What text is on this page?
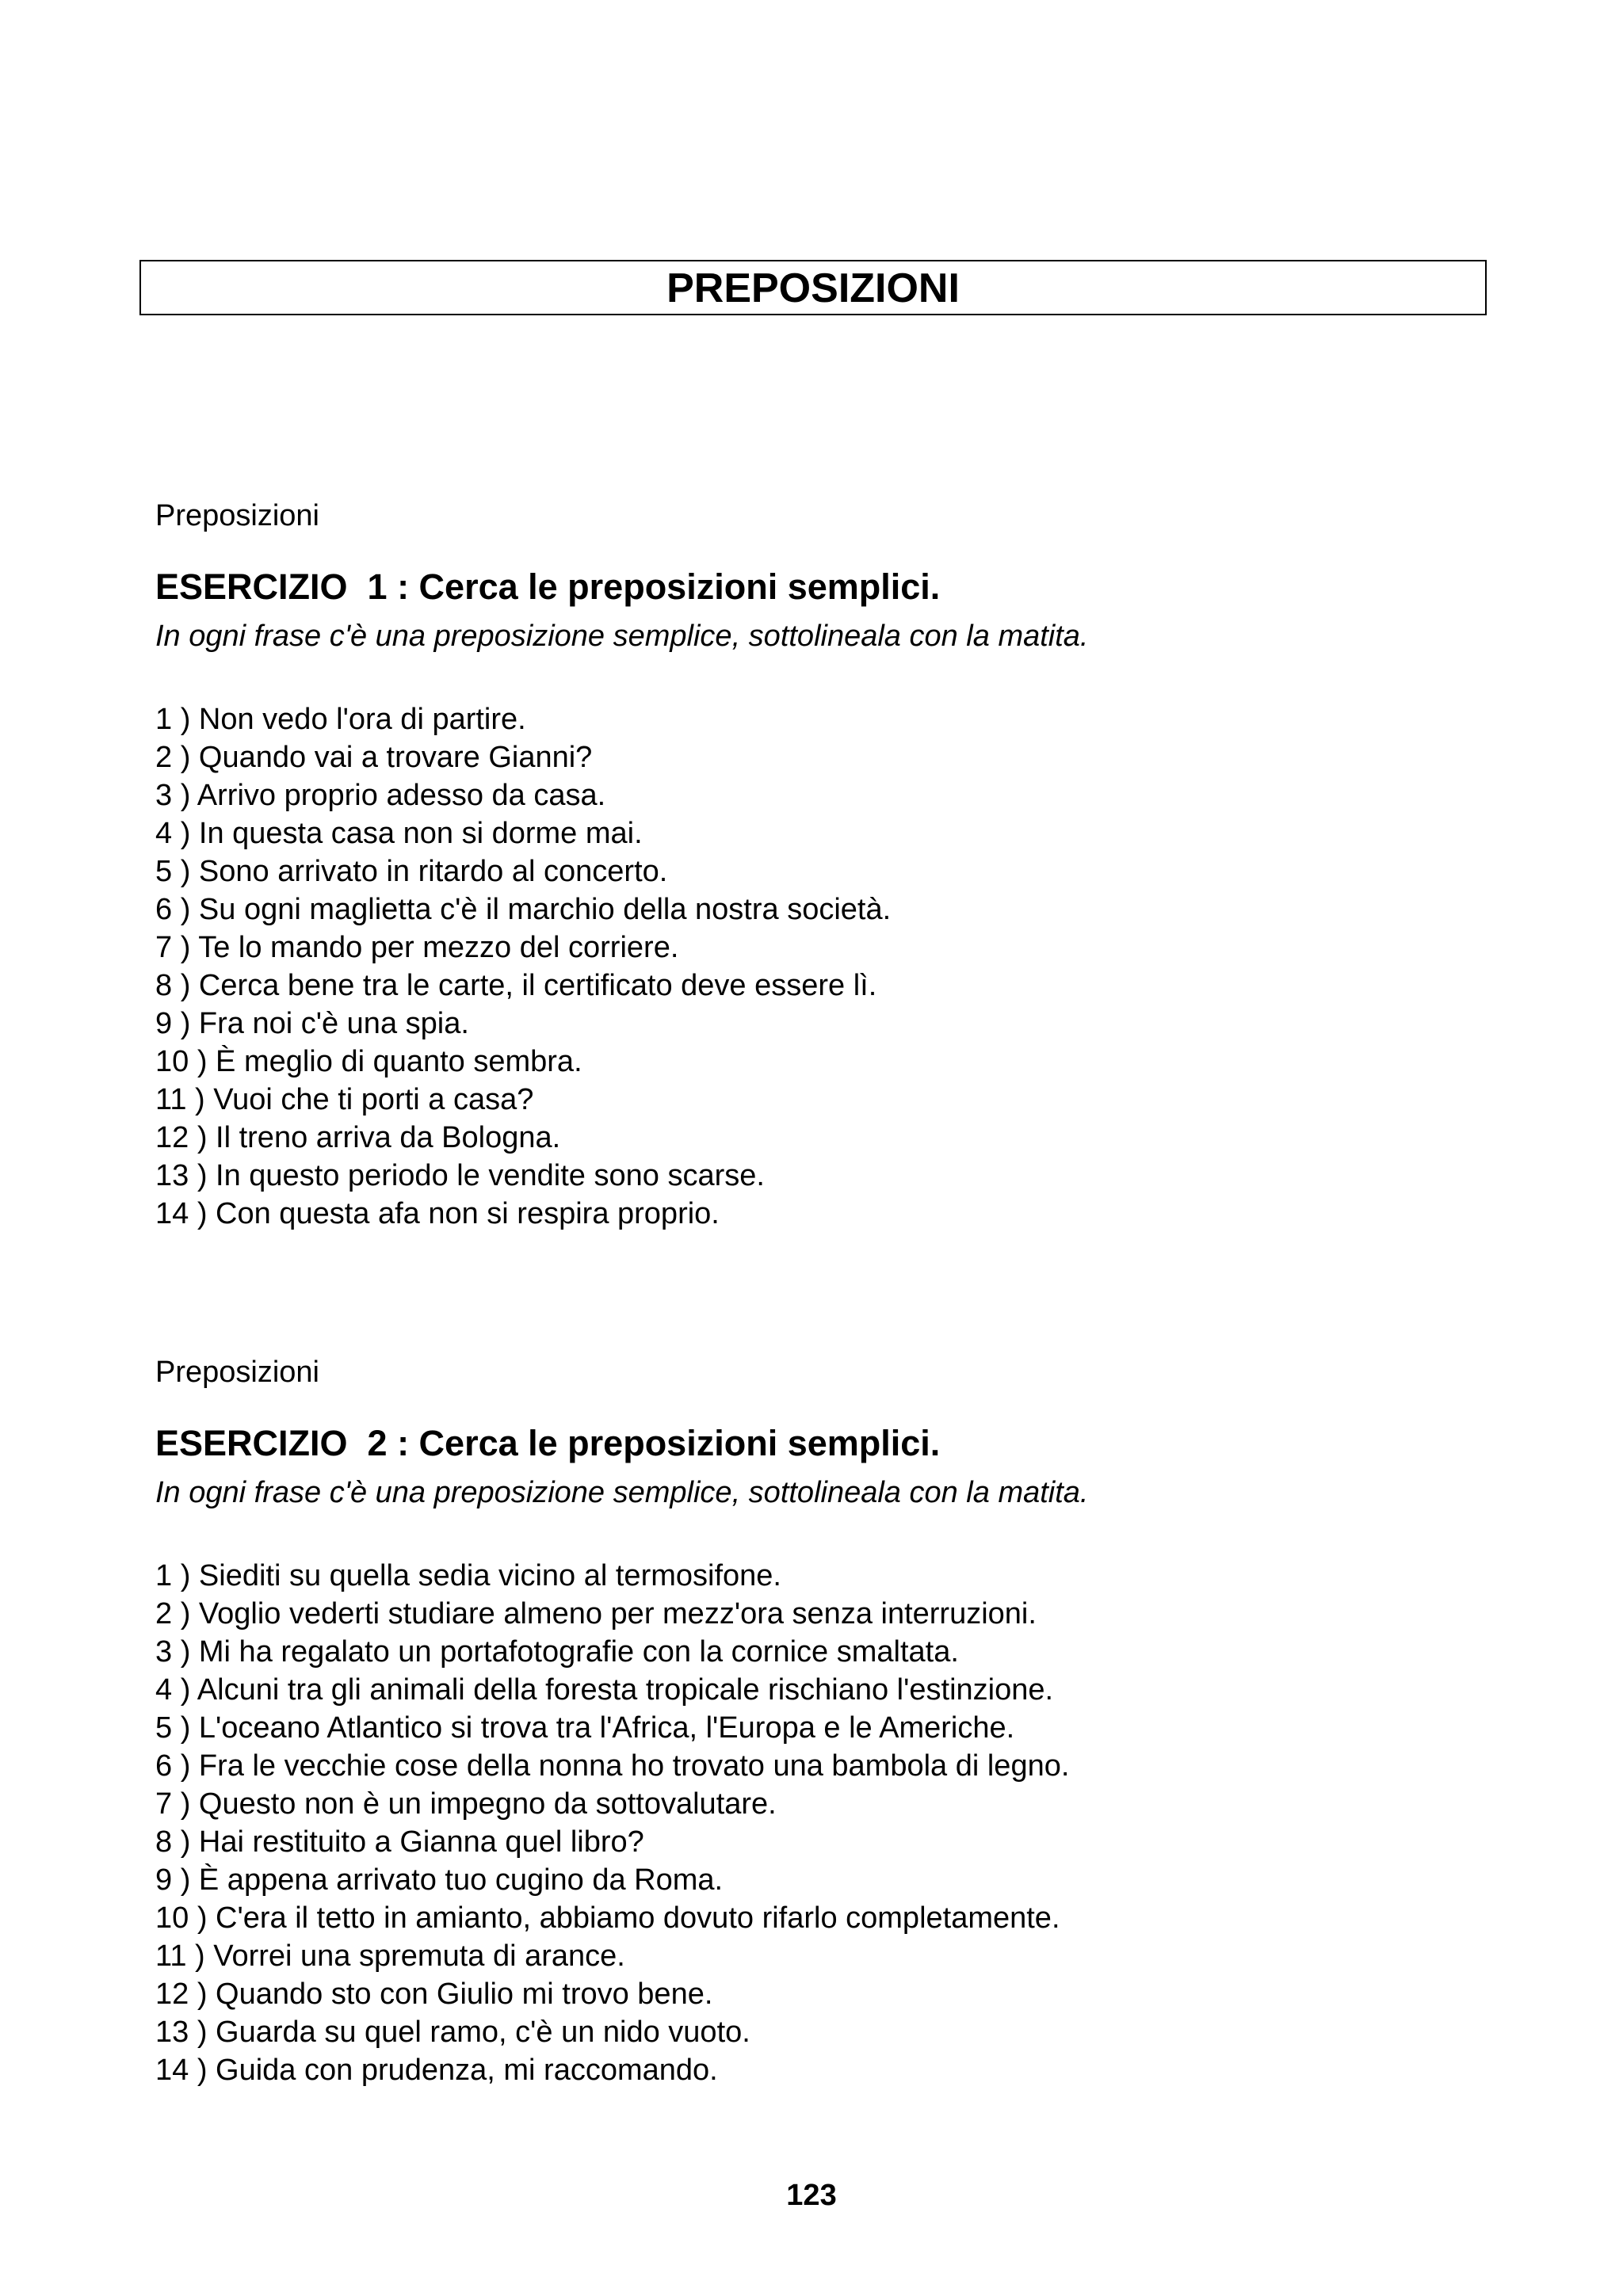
PREPOSIZIONI

Preposizioni

ESERCIZIO  1 : Cerca le preposizioni semplici.

In ogni frase c'è una preposizione semplice, sottolineala con la matita.

1 ) Non vedo l'ora di partire.
2 ) Quando vai a trovare Gianni?
3 ) Arrivo proprio adesso da casa.
4 ) In questa casa non si dorme mai.
5 ) Sono arrivato in ritardo al concerto.
6 ) Su ogni maglietta c'è il marchio della nostra società.
7 ) Te lo mando per mezzo del corriere.
8 ) Cerca bene tra le carte, il certificato deve essere lì.
9 ) Fra noi c'è una spia.
10 ) È meglio di quanto sembra.
11 ) Vuoi che ti porti a casa?
12 ) Il treno arriva da Bologna.
13 ) In questo periodo le vendite sono scarse.
14 ) Con questa afa non si respira proprio.

Preposizioni

ESERCIZIO  2 : Cerca le preposizioni semplici.

In ogni frase c'è una preposizione semplice, sottolineala con la matita.

1 ) Siediti su quella sedia vicino al termosifone.
2 ) Voglio vederti studiare almeno per mezz'ora senza interruzioni.
3 ) Mi ha regalato un portafotografie con la cornice smaltata.
4 ) Alcuni tra gli animali della foresta tropicale rischiano l'estinzione.
5 ) L'oceano Atlantico si trova tra l'Africa, l'Europa e le Americhe.
6 ) Fra le vecchie cose della nonna ho trovato una bambola di legno.
7 ) Questo non è un impegno da sottovalutare.
8 ) Hai restituito a Gianna quel libro?
9 ) È appena arrivato tuo cugino da Roma.
10 ) C'era il tetto in amianto, abbiamo dovuto rifarlo completamente.
11 ) Vorrei una spremuta di arance.
12 ) Quando sto con Giulio mi trovo bene.
13 ) Guarda su quel ramo, c'è un nido vuoto.
14 ) Guida con prudenza, mi raccomando.
123
